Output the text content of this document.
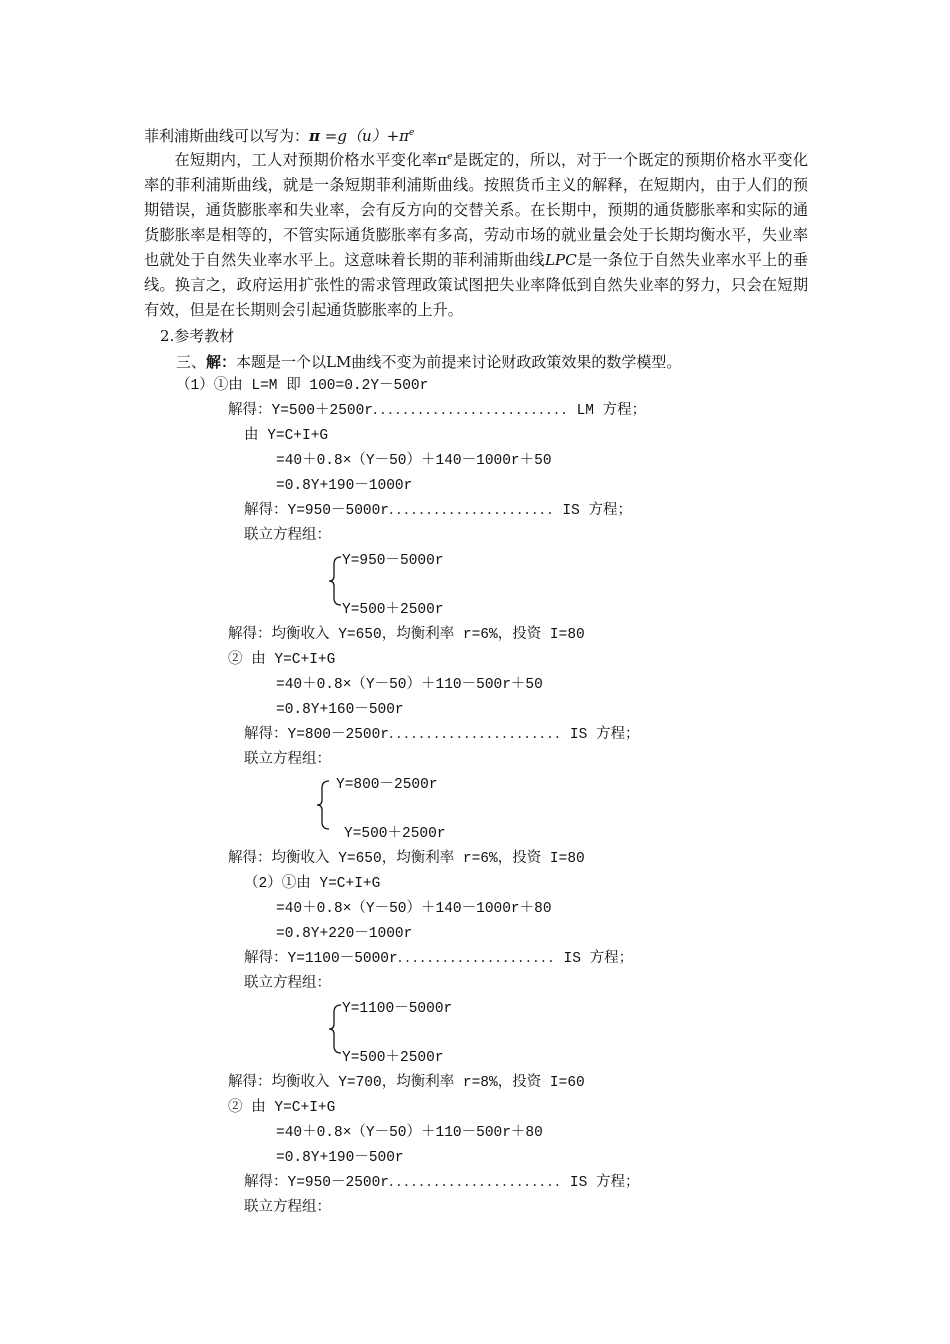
菲利浦斯曲线可以写为：$\pi =g(u)+\pi^e$
在短期内，工人对预期价格水平变化率$\pi^e$是既定的，所以，对于一个既定的预期价格水平变化率的菲利浦斯曲线，就是一条短期菲利浦斯曲线。按照货币主义的解释，在短期内，由于人们的预期错误，通货膨胀率和失业率，会有反方向的交替关系。在长期中，预期的通货膨胀率和实际的通货膨胀率是相等的，不管实际通货膨胀率有多高，劳动市场的就业量会处于长期均衡水平，失业率也就处于自然失业率水平上。这意味着长期的菲利浦斯曲线LPC是一条位于自然失业率水平上的垂线。换言之，政府运用扩张性的需求管理政策试图把失业率降低到自然失业率的努力，只会在短期有效，但是在长期则会引起通货膨胀率的上升。
2.参考教材
三、解：本题是一个以LM曲线不变为前提来讨论财政政策效果的数学模型。
（1）①由 L=M 即 100=0.2Y－500r
解得：Y=500＋2500r．．．．．．．．．．．．．．．．．．．．．．．．．．LM 方程；
由 Y=C+I+G
=40＋0.8×（Y－50）＋140－1000r＋50
=0.8Y+190－1000r
解得：Y=950－5000r．．．．．．．．．．．．．．．．．．．．．．IS 方程；
联立方程组：
Y=950－5000r
Y=500＋2500r
解得：均衡收入 Y=650，均衡利率 r=6%，投资 I=80
② 由 Y=C+I+G
=40＋0.8×（Y－50）＋110－500r＋50
=0.8Y+160－500r
解得：Y=800－2500r．．．．．．．．．．．．．．．．．．．．．．．IS 方程；
联立方程组：
Y=800－2500r
Y=500＋2500r
解得：均衡收入 Y=650，均衡利率 r=6%，投资 I=80
（2）①由 Y=C+I+G
=40＋0.8×（Y－50）＋140－1000r＋80
=0.8Y+220－1000r
解得：Y=1100－5000r．．．．．．．．．．．．．．．．．．．．．IS 方程；
联立方程组：
Y=1100－5000r
Y=500＋2500r
解得：均衡收入 Y=700，均衡利率 r=8%，投资 I=60
② 由 Y=C+I+G
=40＋0.8×（Y－50）＋110－500r＋80
=0.8Y+190－500r
解得：Y=950－2500r．．．．．．．．．．．．．．．．．．．．．．．IS 方程；
联立方程组：
